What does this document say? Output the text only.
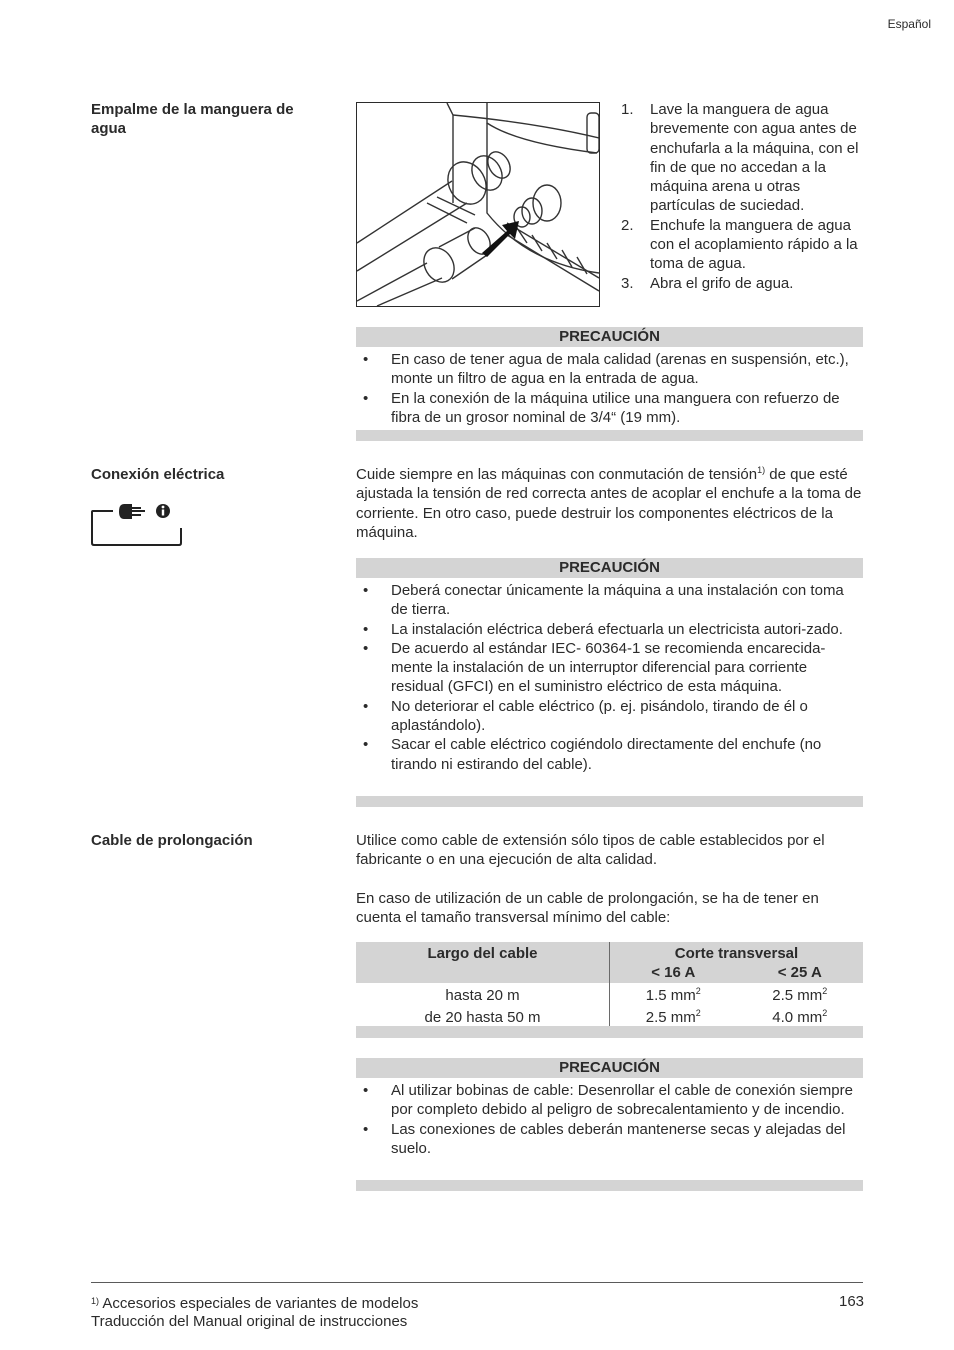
Español
Empalme de la manguera de agua
1. Lave la manguera de agua brevemente con agua antes de enchufarla a la máquina, con el fin de que no accedan a la máquina arena u otras partículas de suciedad.
2. Enchufe la manguera de agua con el acoplamiento rápido a la toma de agua.
3. Abra el grifo de agua.
PRECAUCIÓN
• En caso de tener agua de mala calidad (arenas en suspensión, etc.), monte un filtro de agua en la entrada de agua.
• En la conexión de la máquina utilice una manguera con refuerzo de fibra de un grosor nominal de 3/4“ (19 mm).
Conexión eléctrica	Cuide siempre en las máquinas con conmutación de tensión$^{1)}$ de que esté ajustada la tensión de red correcta antes de acoplar el enchufe a la toma de corriente. En otro caso, puede destruir los componentes eléctricos de la máquina.

PRECAUCIÓN
• Deberá conectar únicamente la máquina a una instalación con toma de tierra.
• La instalación eléctrica deberá efectuarla un electricista autori-zado.
• De acuerdo al estándar IEC- 60364-1 se recomienda encarecida-mente la instalación de un interruptor diferencial para corriente residual (GFCI) en el suministro eléctrico de esta máquina.
• No deteriorar el cable eléctrico (p. ej. pisándolo, tirando de él o aplastándolo).
• Sacar el cable eléctrico cogiéndolo directamente del enchufe (no tirando ni estirando del cable).
Cable de prolongación	Utilice como cable de extensión sólo tipos de cable establecidos por el fabricante o en una ejecución de alta calidad.

En caso de utilización de un cable de prolongación, se ha de tener en cuenta el tamaño transversal mínimo del cable:

Largo del cable	Corte transversal
< 16 A < 25 A

hasta 20 m	1.5 $mm^2$ 2.5 $mm^2$

de 20 hasta 50 m	2.5 $mm^2$ 4.0 $mm^2$
PRECAUCIÓN
• Al utilizar bobinas de cable: Desenrollar el cable de conexión siempre por completo debido al peligro de sobrecalentamiento y de incendio.
• Las conexiones de cables deberán mantenerse secas y alejadas del suelo.
$^{1)}$ Accesorios especiales de variantes de modelos	163
Traducción del Manual original de instrucciones
